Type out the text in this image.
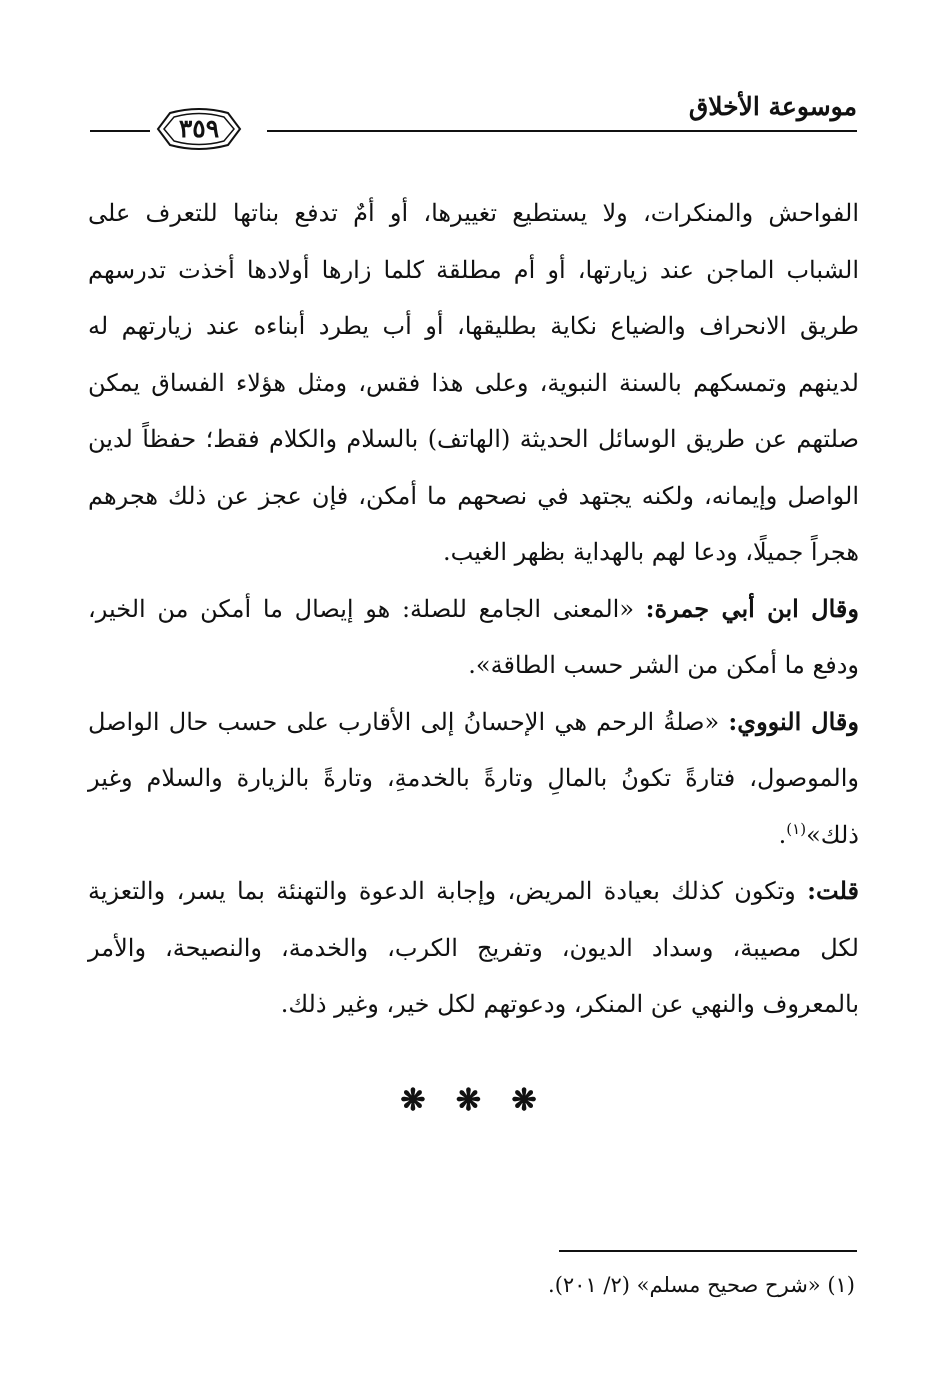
موسوعة الأخلاق
٣٥٩

الفواحش والمنكرات، ولا يستطيع تغييرها، أو أمٌ تدفع بناتها للتعرف على الشباب الماجن عند زيارتها، أو أم مطلقة كلما زارها أولادها أخذت تدرسهم طريق الانحراف والضياع نكاية بطليقها، أو أب يطرد أبناءه عند زيارتهم له لدينهم وتمسكهم بالسنة النبوية، وعلى هذا فقس، ومثل هؤلاء الفساق يمكن صلتهم عن طريق الوسائل الحديثة (الهاتف) بالسلام والكلام فقط؛ حفظاً لدين الواصل وإيمانه، ولكنه يجتهد في نصحهم ما أمكن، فإن عجز عن ذلك هجرهم هجراً جميلًا، ودعا لهم بالهداية بظهر الغيب.

وقال ابن أبي جمرة: «المعنى الجامع للصلة: هو إيصال ما أمكن من الخير، ودفع ما أمكن من الشر حسب الطاقة».

وقال النووي: «صلةُ الرحم هي الإحسانُ إلى الأقارب على حسب حال الواصل والموصول، فتارةً تكونُ بالمالِ وتارةً بالخدمةِ، وتارةً بالزيارة والسلام وغير ذلك»$^{(١)}$.

قلت: وتكون كذلك بعيادة المريض، وإجابة الدعوة والتهنئة بما يسر، والتعزية لكل مصيبة، وسداد الديون، وتفريج الكرب، والخدمة، والنصيحة، والأمر بالمعروف والنهي عن المنكر، ودعوتهم لكل خير، وغير ذلك.

❋ ❋ ❋
(١) «شرح صحيح مسلم» (٢/ ٢٠١).
